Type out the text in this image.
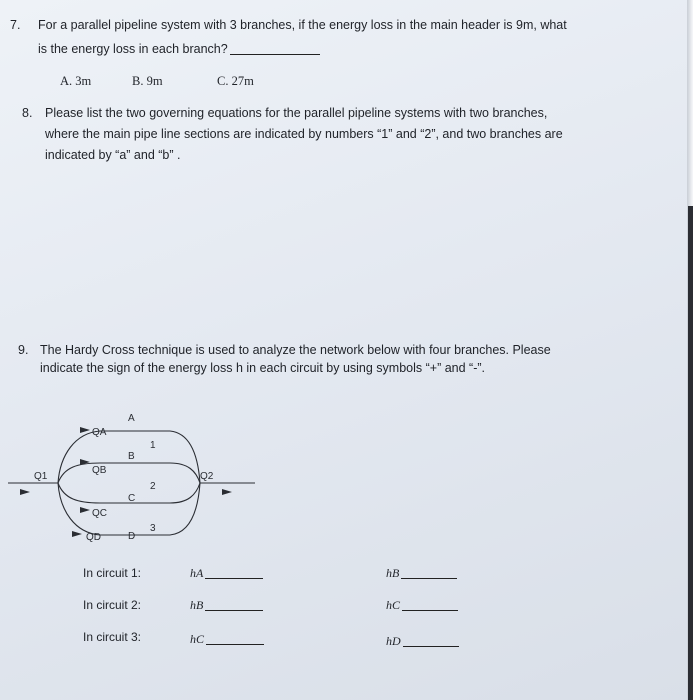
7. For a parallel pipeline system with 3 branches, if the energy loss in the main header is 9m, what
is the energy loss in each branch?
A. 3m	B. 9m	C. 27m
8. Please list the two governing equations for the parallel pipeline systems with two branches,
where the main pipe line sections are indicated by numbers “1” and “2”, and two branches are
indicated by “a” and “b” .
9. The Hardy Cross technique is used to analyze the network below with four branches. Please
indicate the sign of the energy loss h in each circuit by using symbols “+” and “-”.
A
B
C
D
QA
QB
QC
QD
Q1	Q2
1
2
3
In circuit 1:	hA	hB
In circuit 2:	hB	hC
In circuit 3:	hC	hD
